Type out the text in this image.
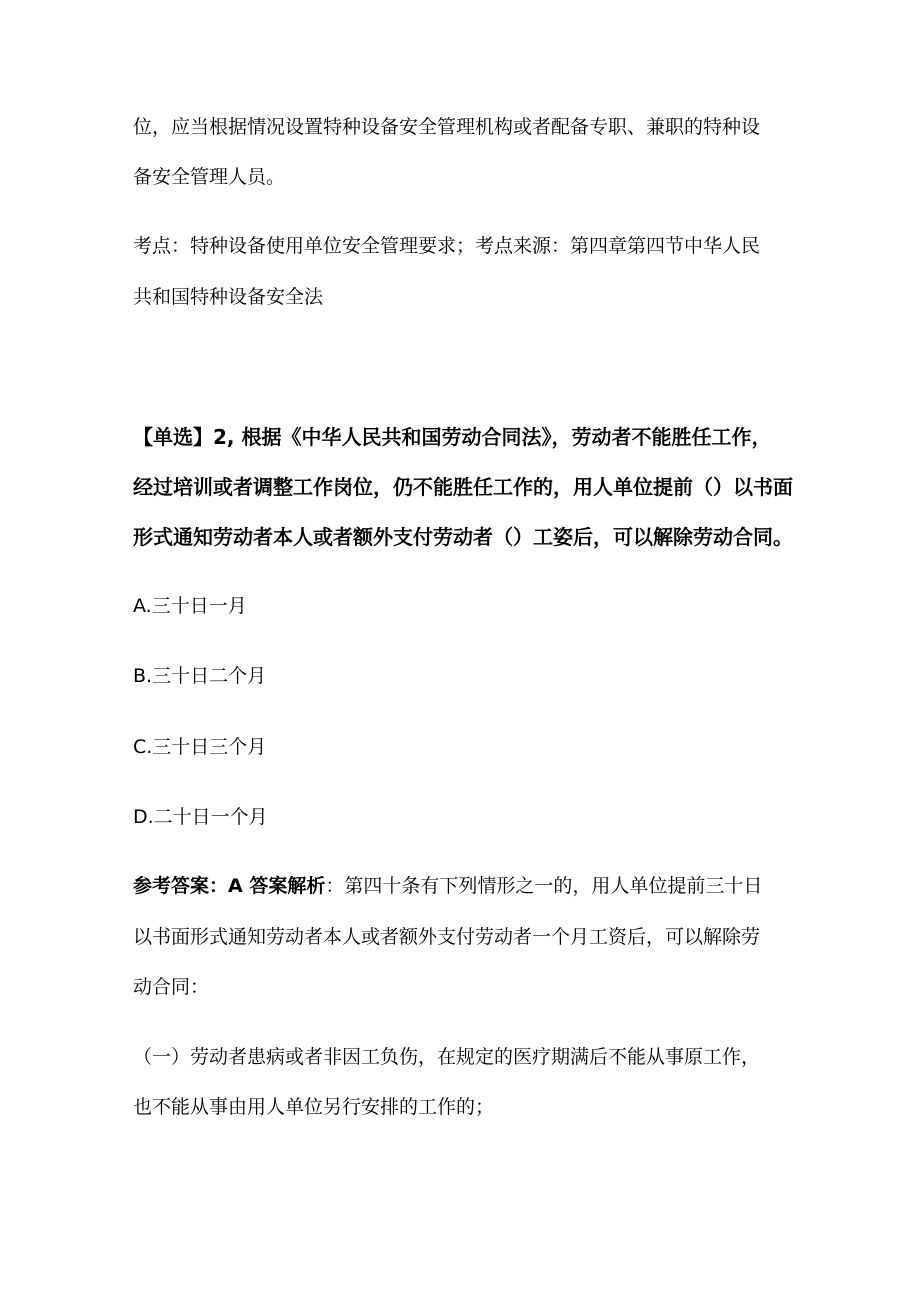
位，应当根据情况设置特种设备安全管理机构或者配备专职、兼职的特种设

备安全管理人员。

考点：特种设备使用单位安全管理要求；考点来源：第四章第四节中华人民

共和国特种设备安全法

【单选】2, 根据《中华人民共和国劳动合同法》，劳动者不能胜任工作，

经过培训或者调整工作岗位，仍不能胜任工作的，用人单位提前（）以书面

形式通知劳动者本人或者额外支付劳动者（）工姿后，可以解除劳动合同。

A.三十日一月

B.三十日二个月

C.三十日三个月

D.二十日一个月

参考答案：A 答案解析：第四十条有下列情形之一的，用人单位提前三十日

以书面形式通知劳动者本人或者额外支付劳动者一个月工资后，可以解除劳

动合同：

（一）劳动者患病或者非因工负伤，在规定的医疗期满后不能从事原工作，

也不能从事由用人单位另行安排的工作的；
